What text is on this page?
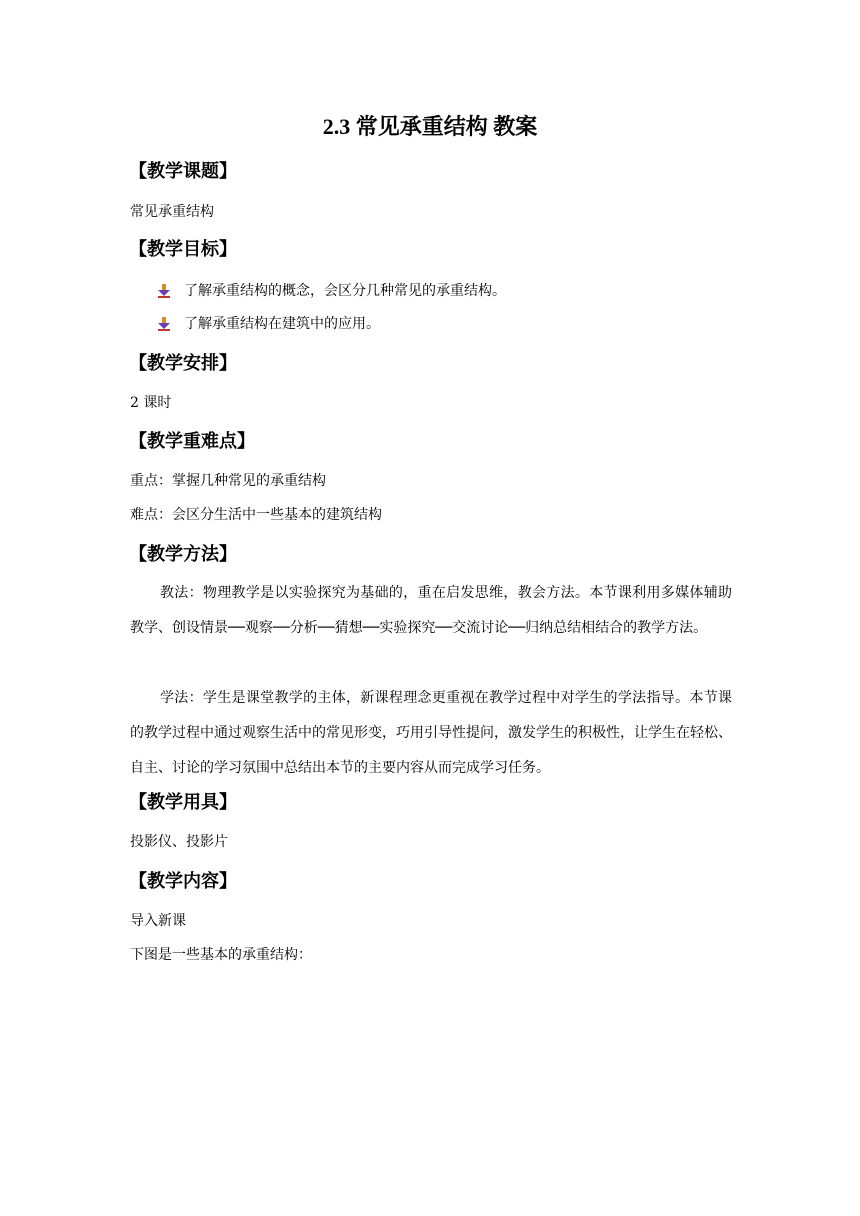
2.3 常见承重结构 教案
【教学课题】
常见承重结构
【教学目标】
了解承重结构的概念，会区分几种常见的承重结构。
了解承重结构在建筑中的应用。
【教学安排】
2 课时
【教学重难点】
重点：掌握几种常见的承重结构
难点：会区分生活中一些基本的建筑结构
【教学方法】
教法：物理教学是以实验探究为基础的，重在启发思维，教会方法。本节课利用多媒体辅助教学、创设情景──观察──分析──猜想──实验探究──交流讨论──归纳总结相结合的教学方法。
学法：学生是课堂教学的主体，新课程理念更重视在教学过程中对学生的学法指导。本节课的教学过程中通过观察生活中的常见形变，巧用引导性提问，激发学生的积极性，让学生在轻松、自主、讨论的学习氛围中总结出本节的主要内容从而完成学习任务。
【教学用具】
投影仪、投影片
【教学内容】
导入新课
下图是一些基本的承重结构：
